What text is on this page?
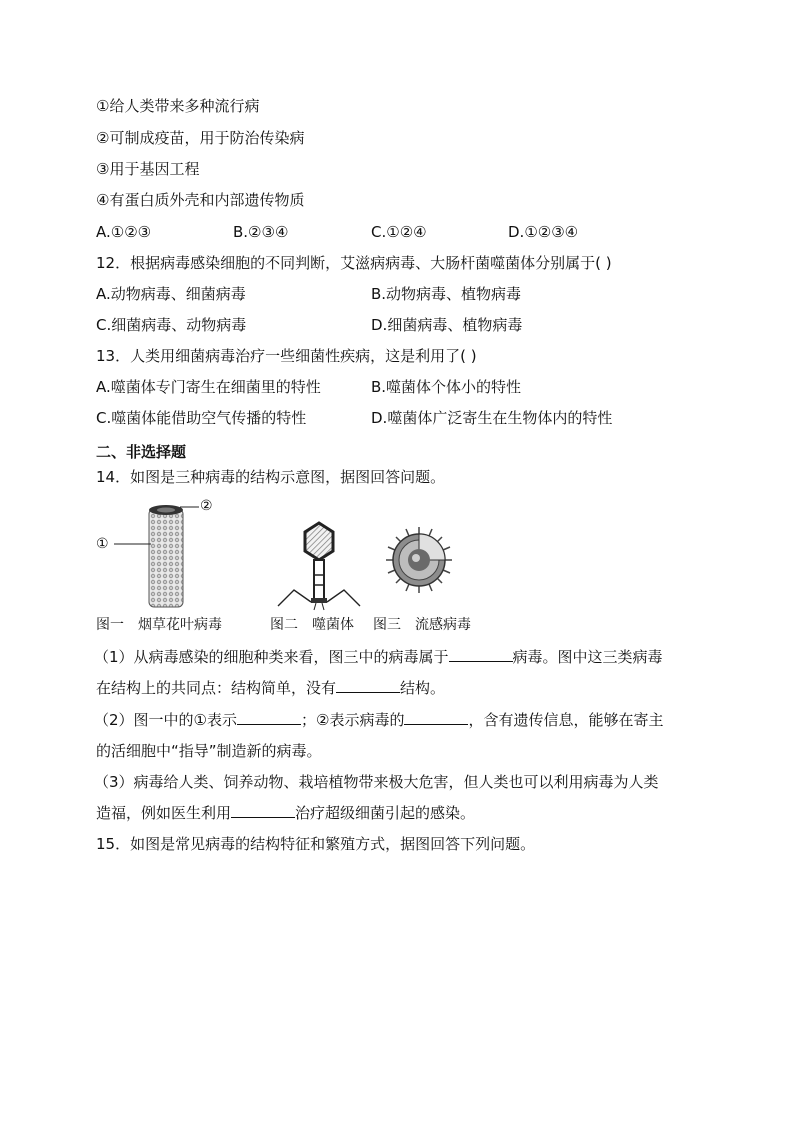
①给人类带来多种流行病
②可制成疫苗，用于防治传染病
③用于基因工程
④有蛋白质外壳和内部遗传物质
A.①②③	B.②③④	C.①②④	D.①②③④
12．根据病毒感染细胞的不同判断，艾滋病病毒、大肠杆菌噬菌体分别属于( )
A.动物病毒、细菌病毒	B.动物病毒、植物病毒
C.细菌病毒、动物病毒	D.细菌病毒、植物病毒
13．人类用细菌病毒治疗一些细菌性疾病，这是利用了( )
A.噬菌体专门寄生在细菌里的特性	B.噬菌体个体小的特性
C.噬菌体能借助空气传播的特性	D.噬菌体广泛寄生在生物体内的特性
二、非选择题
14．如图是三种病毒的结构示意图，据图回答问题。
②
①
图一　烟草花叶病毒	图二　噬菌体 图三　流感病毒
（1）从病毒感染的细胞种类来看，图三中的病毒属于	病毒。图中这三类病毒
在结构上的共同点：结构简单，没有	结构。
（2）图一中的①表示	；②表示病毒的	，含有遗传信息，能够在寄主
的活细胞中“指导”制造新的病毒。
（3）病毒给人类、饲养动物、栽培植物带来极大危害，但人类也可以利用病毒为人类
造福，例如医生利用	治疗超级细菌引起的感染。
15．如图是常见病毒的结构特征和繁殖方式，据图回答下列问题。
